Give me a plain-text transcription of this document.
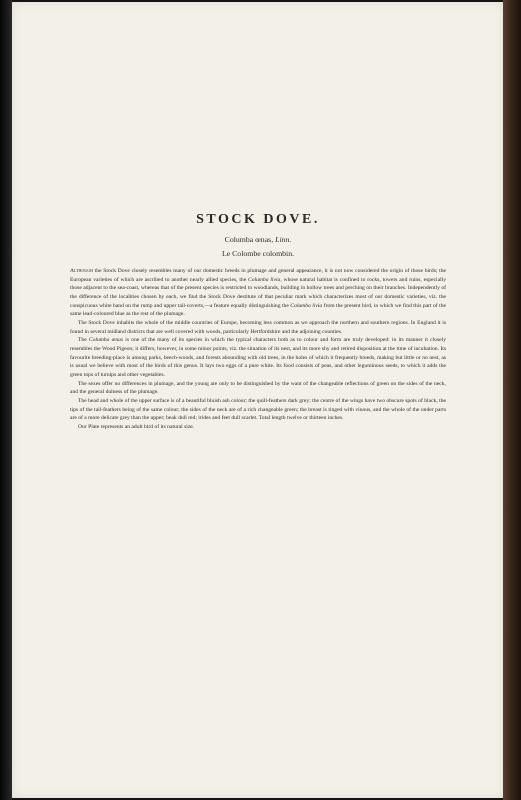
STOCK DOVE.

Columba œnas, Linn.

Le Colombe colombin.

Although the Stock Dove closely resembles many of our domestic breeds in plumage and general appearance, it is not now considered the origin of those birds; the European varieties of which are ascribed to another nearly allied species, the Columba livia, whose natural habitat is confined to rocks, towers and ruins, especially those adjacent to the sea-coast, whereas that of the present species is restricted to woodlands, building in hollow trees and perching on their branches. Independently of the difference of the localities chosen by each, we find the Stock Dove destitute of that peculiar mark which characterizes most of our domestic varieties, viz. the conspicuous white band on the rump and upper tail-coverts,—a feature equally distinguishing the Columba livia from the present bird, in which we find this part of the same lead-coloured blue as the rest of the plumage.

The Stock Dove inhabits the whole of the middle countries of Europe, becoming less common as we approach the northern and southern regions. In England it is found in several midland districts that are well covered with woods, particularly Hertfordshire and the adjoining counties.

The Columba œnas is one of the many of its species in which the typical characters both as to colour and form are truly developed: in its manner it closely resembles the Wood Pigeon; it differs, however, in some minor points, viz. the situation of its nest, and its more shy and retired disposition at the time of incubation. Its favourite breeding-place is among parks, beech-woods, and forests abounding with old trees, in the holes of which it frequently breeds, making but little or no nest, as is usual we believe with most of the birds of this genus. It lays two eggs of a pure white. Its food consists of peas, and other leguminous seeds, to which it adds the green tops of turnips and other vegetables.

The sexes offer no differences in plumage, and the young are only to be distinguished by the want of the changeable reflections of green on the sides of the neck, and the general dulness of the plumage.

The head and whole of the upper surface is of a beautiful bluish ash colour; the quill-feathers dark grey; the centre of the wings have two obscure spots of black, the tips of the tail-feathers being of the same colour; the sides of the neck are of a rich changeable green; the breast is tinged with vinous, and the whole of the under parts are of a more delicate grey than the upper; beak dull red; irides and feet dull scarlet. Total length twelve or thirteen inches.

Our Plate represents an adult bird of its natural size.
